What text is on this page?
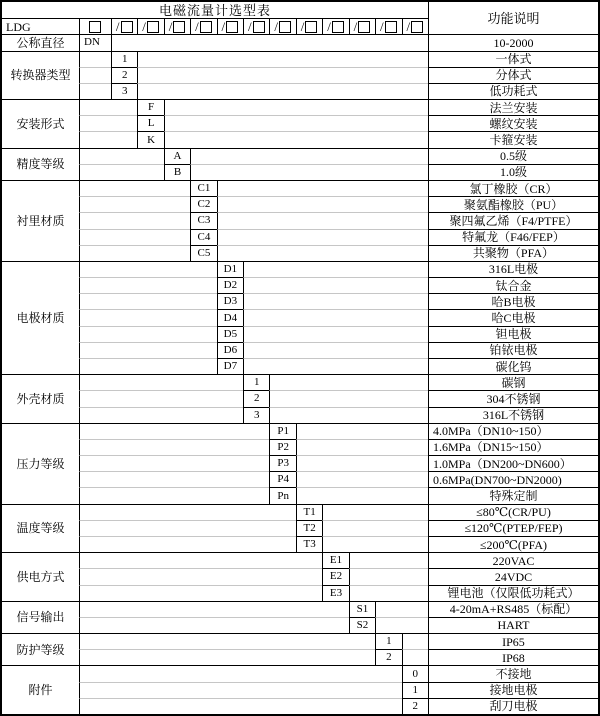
电磁流量计选型表
功能说明
LDG	/ / / / / / / / / / / /
公称直径	DN	10-2000
转换器类型
1	一体式
2	分体式
3	低功耗式
安装形式
F	法兰安装
L	螺纹安装
K	卡箍安装
精度等级
A	0.5级
B	1.0级
衬里材质
C1	氯丁橡胶（CR）
C2	聚氨酯橡胶（PU）
C3	聚四氟乙烯（F4/PTFE）
C4	特氟龙（F46/FEP）
C5	共聚物（PFA）
电极材质
D1	316L电极
D2	钛合金
D3	哈B电极
D4	哈C电极
D5	钽电极
D6	铂铱电极
D7	碳化钨
外壳材质
1	碳钢
2	304不锈钢
3	316L不锈钢
压力等级
P1	4.0MPa（DN10~150）
P2	1.6MPa（DN15~150）
P3	1.0MPa（DN200~DN600）
P4	0.6MPa(DN700~DN2000)
Pn	特殊定制
温度等级
T1	≤80℃(CR/PU)
T2	≤120℃(PTEP/FEP)
T3	≤200℃(PFA)
供电方式
E1	220VAC
E2	24VDC
E3	锂电池（仅限低功耗式）
信号输出
S1	4-20mA+RS485（标配）
S2	HART
防护等级
1	IP65
2	IP68
附件
0	不接地
1	接地电极
2	刮刀电极
